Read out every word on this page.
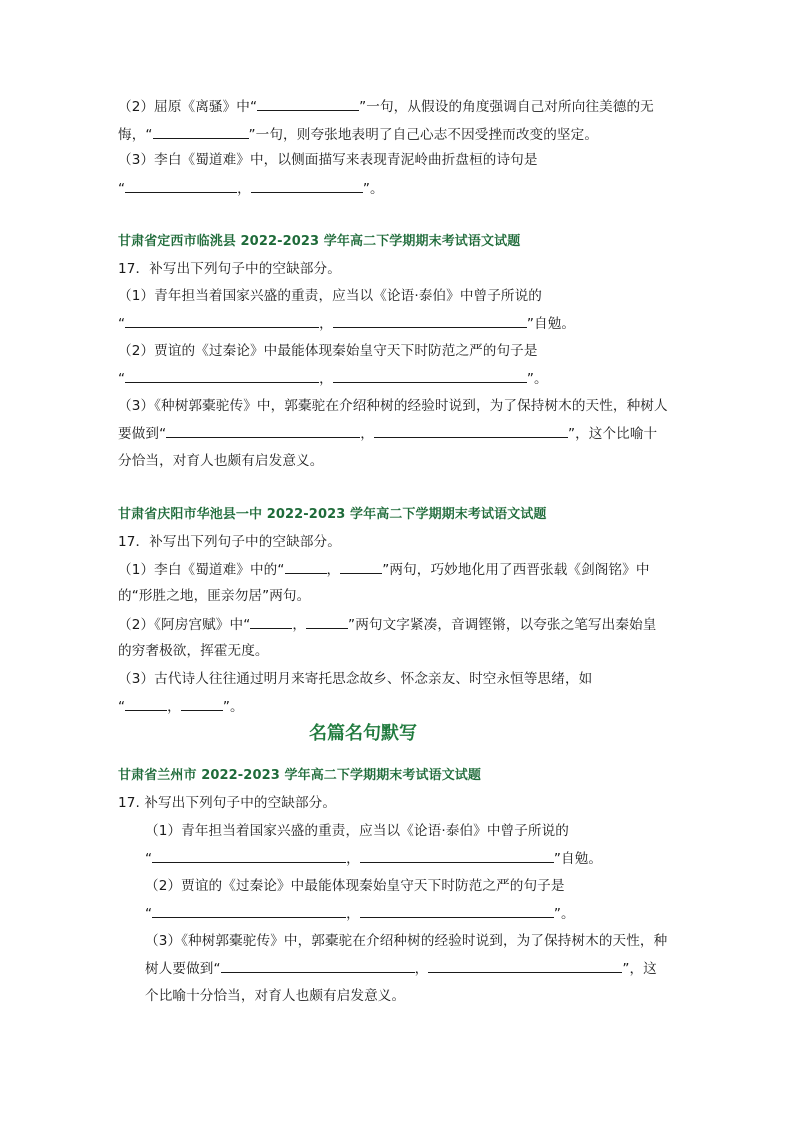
（2）屈原《离骚》中“	”一句，从假设的角度强调自己对所向往美德的无
悔，“	”一句，则夸张地表明了自己心志不因受挫而改变的坚定。
（3）李白《蜀道难》中，以侧面描写来表现青泥岭曲折盘桓的诗句是
“	，	”。
甘肃省定西市临洮县 2022-2023 学年高二下学期期末考试语文试题
17．补写出下列句子中的空缺部分。
（1）青年担当着国家兴盛的重责，应当以《论语·泰伯》中曾子所说的
“	，	”自勉。
（2）贾谊的《过秦论》中最能体现秦始皇守天下时防范之严的句子是
“	，	”。
（3）《种树郭橐驼传》中，郭橐驼在介绍种树的经验时说到，为了保持树木的天性，种树人
要做到“	，	”，这个比喻十
分恰当，对育人也颇有启发意义。
甘肃省庆阳市华池县一中 2022-2023 学年高二下学期期末考试语文试题
17．补写出下列句子中的空缺部分。
（1）李白《蜀道难》中的“	，	”两句，巧妙地化用了西晋张载《剑阁铭》中
的“形胜之地，匪亲勿居”两句。
（2）《阿房宫赋》中“	，	”两句文字紧凑，音调铿锵，以夸张之笔写出秦始皇
的穷奢极欲，挥霍无度。
（3）古代诗人往往通过明月来寄托思念故乡、怀念亲友、时空永恒等思绪，如
“	，	”。
名篇名句默写
甘肃省兰州市 2022-2023 学年高二下学期期末考试语文试题
17. 补写出下列句子中的空缺部分。
（1）青年担当着国家兴盛的重责，应当以《论语·泰伯》中曾子所说的
“	，	”自勉。
（2）贾谊的《过秦论》中最能体现秦始皇守天下时防范之严的句子是
“	，	”。
（3）《种树郭橐驼传》中，郭橐驼在介绍种树的经验时说到，为了保持树木的天性，种
树人要做到“	，	”，这
个比喻十分恰当，对育人也颇有启发意义。
